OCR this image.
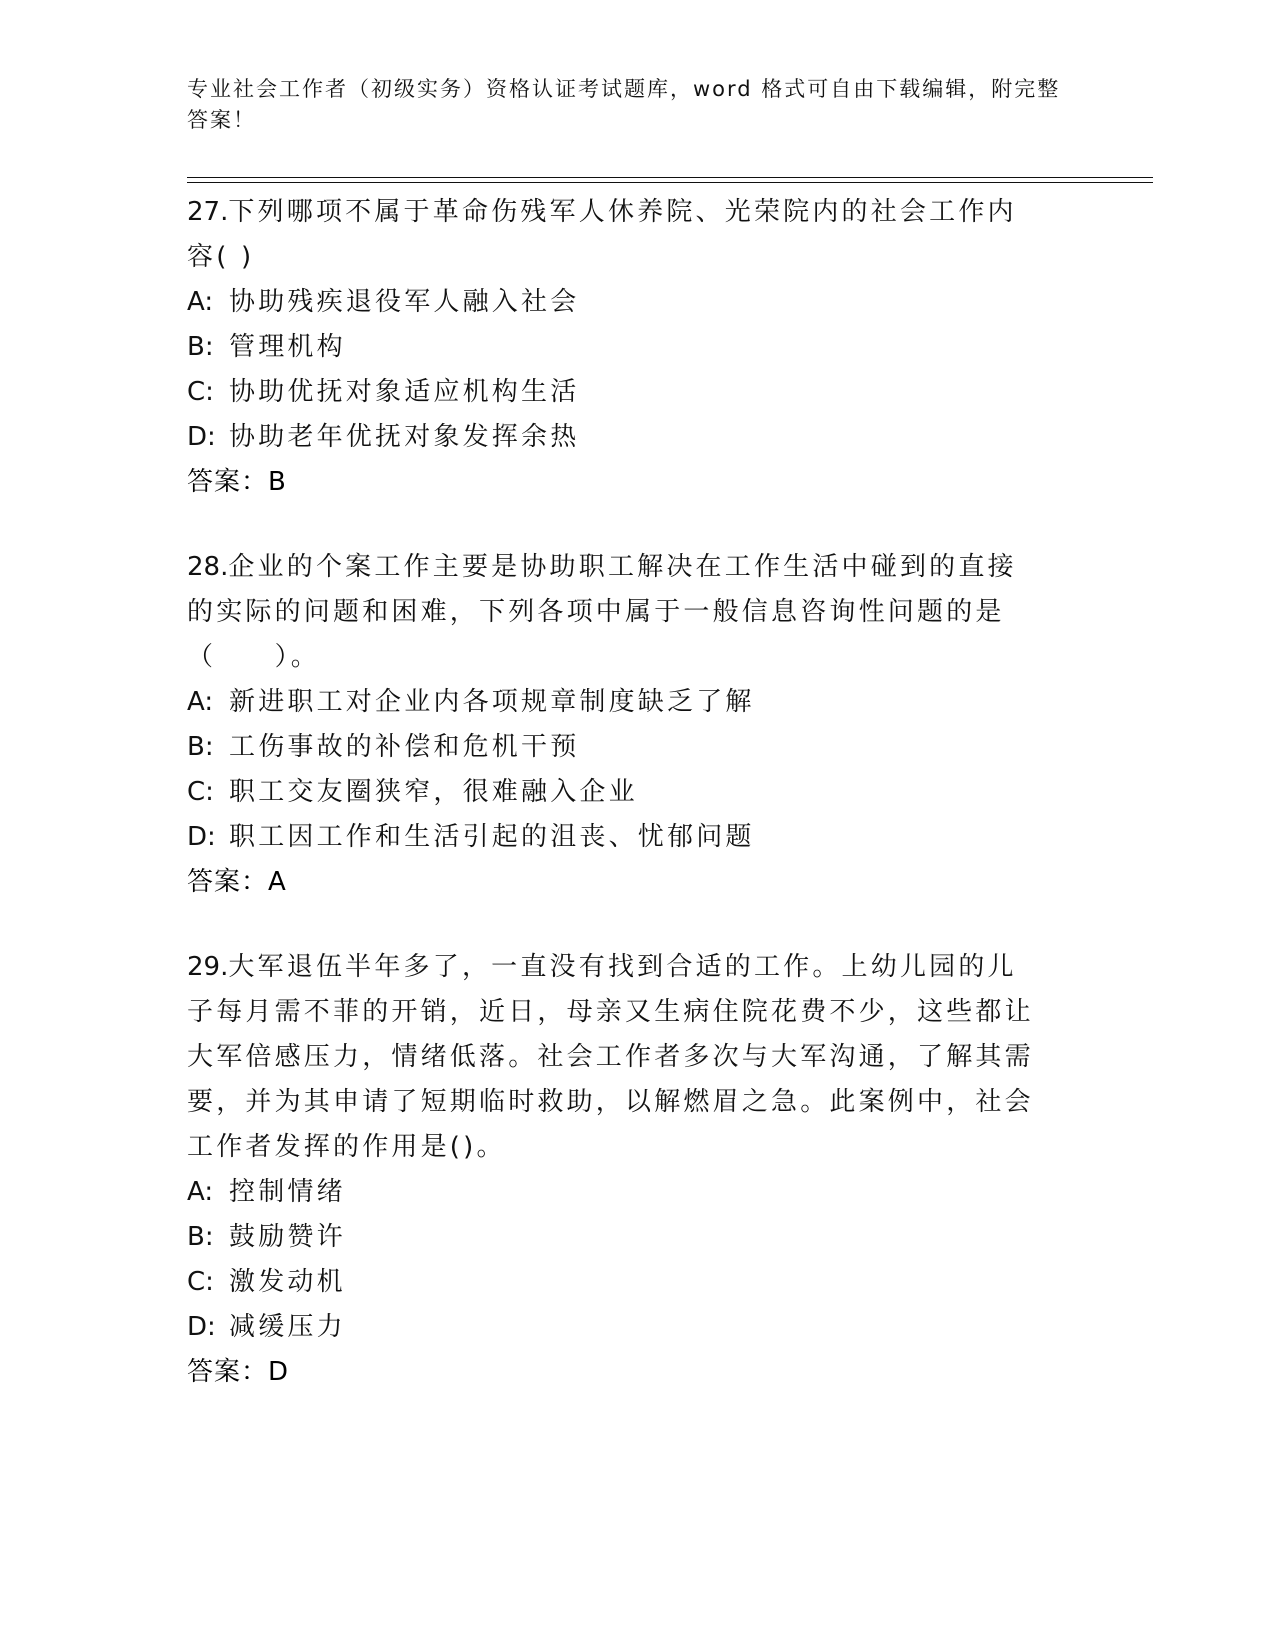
专业社会工作者（初级实务）资格认证考试题库，word 格式可自由下载编辑，附完整答案！
27.下列哪项不属于革命伤残军人休养院、光荣院内的社会工作内容( )
A: 协助残疾退役军人融入社会
B: 管理机构
C: 协助优抚对象适应机构生活
D: 协助老年优抚对象发挥余热
答案：B
28.企业的个案工作主要是协助职工解决在工作生活中碰到的直接的实际的问题和困难，下列各项中属于一般信息咨询性问题的是（　　）。
A: 新进职工对企业内各项规章制度缺乏了解
B: 工伤事故的补偿和危机干预
C: 职工交友圈狭窄，很难融入企业
D: 职工因工作和生活引起的沮丧、忧郁问题
答案：A
29.大军退伍半年多了，一直没有找到合适的工作。上幼儿园的儿子每月需不菲的开销，近日，母亲又生病住院花费不少，这些都让大军倍感压力，情绪低落。社会工作者多次与大军沟通，了解其需要，并为其申请了短期临时救助，以解燃眉之急。此案例中，社会工作者发挥的作用是()。
A: 控制情绪
B: 鼓励赞许
C: 激发动机
D: 减缓压力
答案：D
